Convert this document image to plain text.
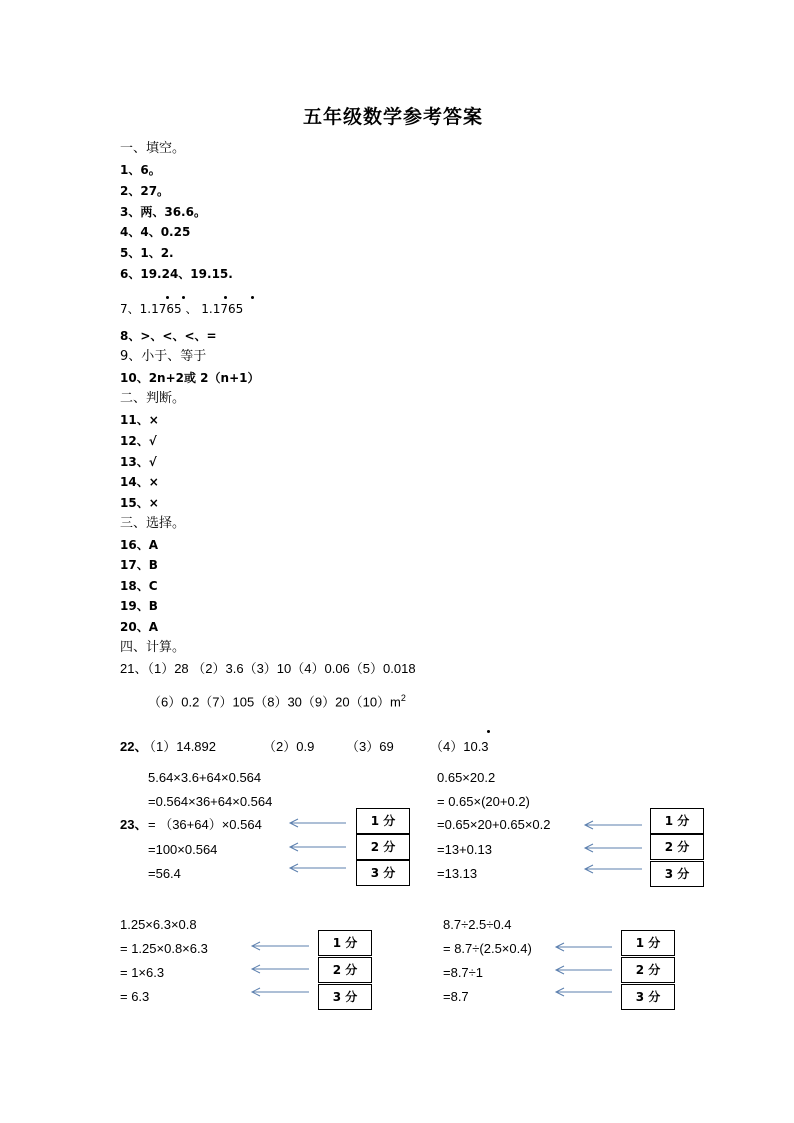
五年级数学参考答案
一、填空。
1、6。
2、27。
3、两、36.6。
4、4、0.25
5、1、2.
6、19.24、19.15.
7、1.1765 、 1.1765
8、>、<、<、=
9、小于、等于
10、2n+2或 2（n+1）
二、判断。
11、×
12、√
13、√
14、×
15、×
三、选择。
16、A
17、B
18、C
19、B
20、A
四、计算。
21、（1）28 （2）3.6（3）10（4）0.06（5）0.018
$(6)0.2(7)105(8)30(9)20(10)m^2$
22、
（1）14.892	（2）0.9 （3）69	（4）10.3
23、
5.64×3.6+64×0.564
=0.564×36+64×0.564
= （36+64）×0.564
=100×0.564
=56.4
0.65×20.2
= 0.65×(20+0.2)
=0.65×20+0.65×0.2
=13+0.13
=13.13
1.25×6.3×0.8
= 1.25×0.8×6.3
= 1×6.3
= 6.3
8.7÷2.5÷0.4
= 8.7÷(2.5×0.4)
=8.7÷1
=8.7
1 分
2 分
3 分
1 分
2 分
3 分
1 分
2 分
3 分
1 分
2 分
3 分
